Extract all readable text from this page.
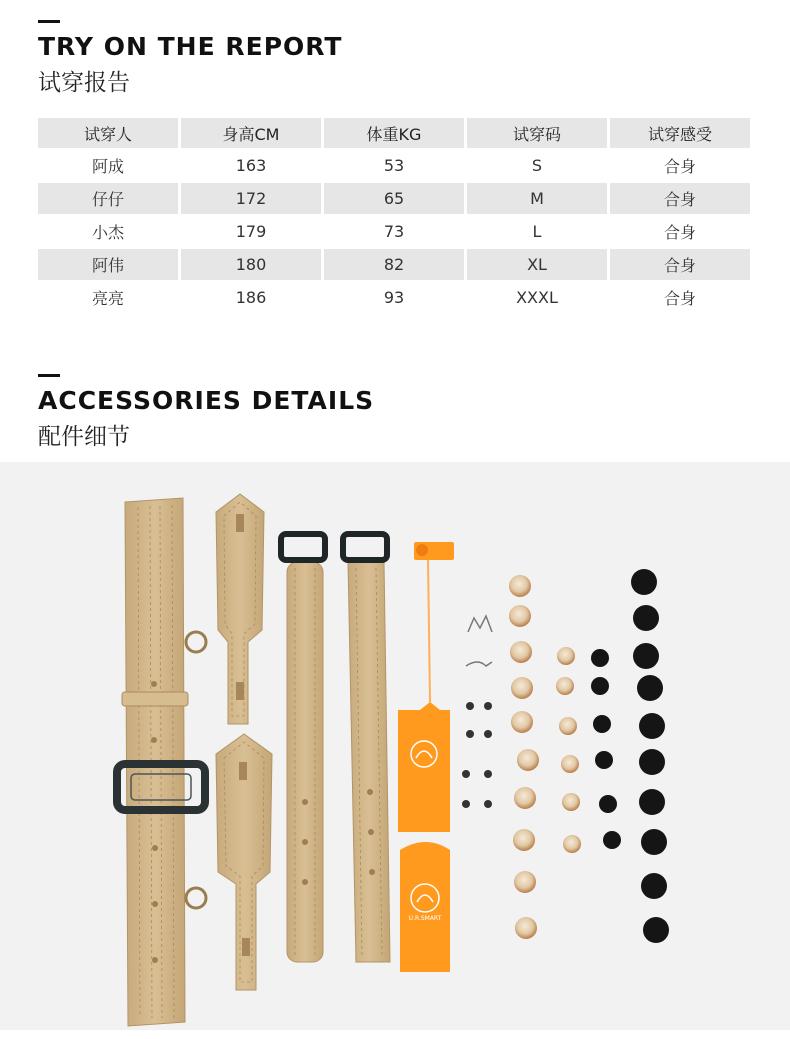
TRY ON THE REPORT
试穿报告
试穿人	身高CM	体重KG	试穿码	试穿感受
阿成	163	53	S	合身
仔仔	172	65	M	合身
小杰	179	73	L	合身
阿伟	180	82	XL	合身
亮亮	186	93	XXXL	合身
ACCESSORIES DETAILS
配件细节
U.R.SMART
